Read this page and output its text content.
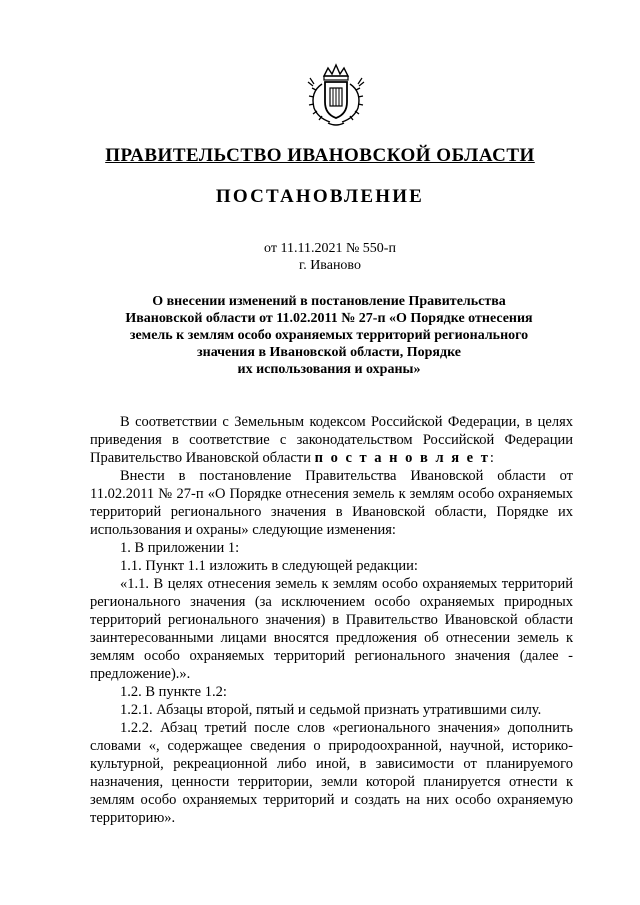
ПРАВИТЕЛЬСТВО ИВАНОВСКОЙ ОБЛАСТИ
ПОСТАНОВЛЕНИЕ
от 11.11.2021 № 550-п
г. Иваново
О внесении изменений в постановление Правительства
Ивановской области от 11.02.2011 № 27-п «О Порядке отнесения
земель к землям особо охраняемых территорий регионального
значения в Ивановской области, Порядке
их использования и охраны»

В соответствии с Земельным кодексом Российской Федерации, в целях приведения в соответствие с законодательством Российской Федерации Правительство Ивановской области п о с т а н о в л я е т:

Внести в постановление Правительства Ивановской области от 11.02.2011 № 27-п «О Порядке отнесения земель к землям особо охраняемых территорий регионального значения в Ивановской области, Порядке их использования и охраны» следующие изменения:

1. В приложении 1:

1.1. Пункт 1.1 изложить в следующей редакции:

«1.1. В целях отнесения земель к землям особо охраняемых территорий регионального значения (за исключением особо охраняемых природных территорий регионального значения) в Правительство Ивановской области заинтересованными лицами вносятся предложения об отнесении земель к землям особо охраняемых территорий регионального значения (далее - предложение).».

1.2. В пункте 1.2:

1.2.1. Абзацы второй, пятый и седьмой признать утратившими силу.

1.2.2. Абзац третий после слов «регионального значения» дополнить словами «, содержащее сведения о природоохранной, научной, историко-культурной, рекреационной либо иной, в зависимости от планируемого назначения, ценности территории, земли которой планируется отнести к землям особо охраняемых территорий и создать на них особо охраняемую территорию».
